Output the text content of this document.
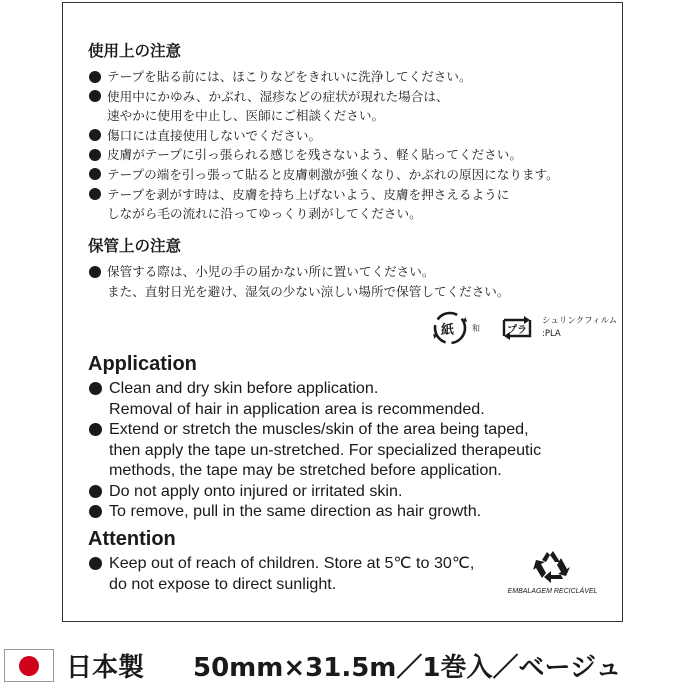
使用上の注意

テープを貼る前には、ほこりなどをきれいに洗浄してください。
使用中にかゆみ、かぶれ、湿疹などの症状が現れた場合は、
速やかに使用を中止し、医師にご相談ください。
傷口には直接使用しないでください。
皮膚がテープに引っ張られる感じを残さないよう、軽く貼ってください。
テープの端を引っ張って貼ると皮膚刺激が強くなり、かぶれの原因になります。
テープを剥がす時は、皮膚を持ち上げないよう、皮膚を押さえるように
しながら毛の流れに沿ってゆっくり剥がしてください。

保管上の注意

保管する際は、小児の手の届かない所に置いてください。
また、直射日光を避け、湿気の少ない涼しい場所で保管してください。
紙 和	プラ
シュリンクフィルム
:PLA

Application

Clean and dry skin before application.
Removal of hair in application area is recommended.
Extend or stretch the muscles/skin of the area being taped,
then apply the tape un-stretched. For specialized therapeutic
methods, the tape may be stretched before application.
Do not apply onto injured or irritated skin.
To remove, pull in the same direction as hair growth.

Attention

Keep out of reach of children. Store at 5℃ to 30℃,
do not expose to direct sunlight.	EMBALAGEM RECICLÁVEL
日本製 50mm×31.5m／1巻入／ベージュ
